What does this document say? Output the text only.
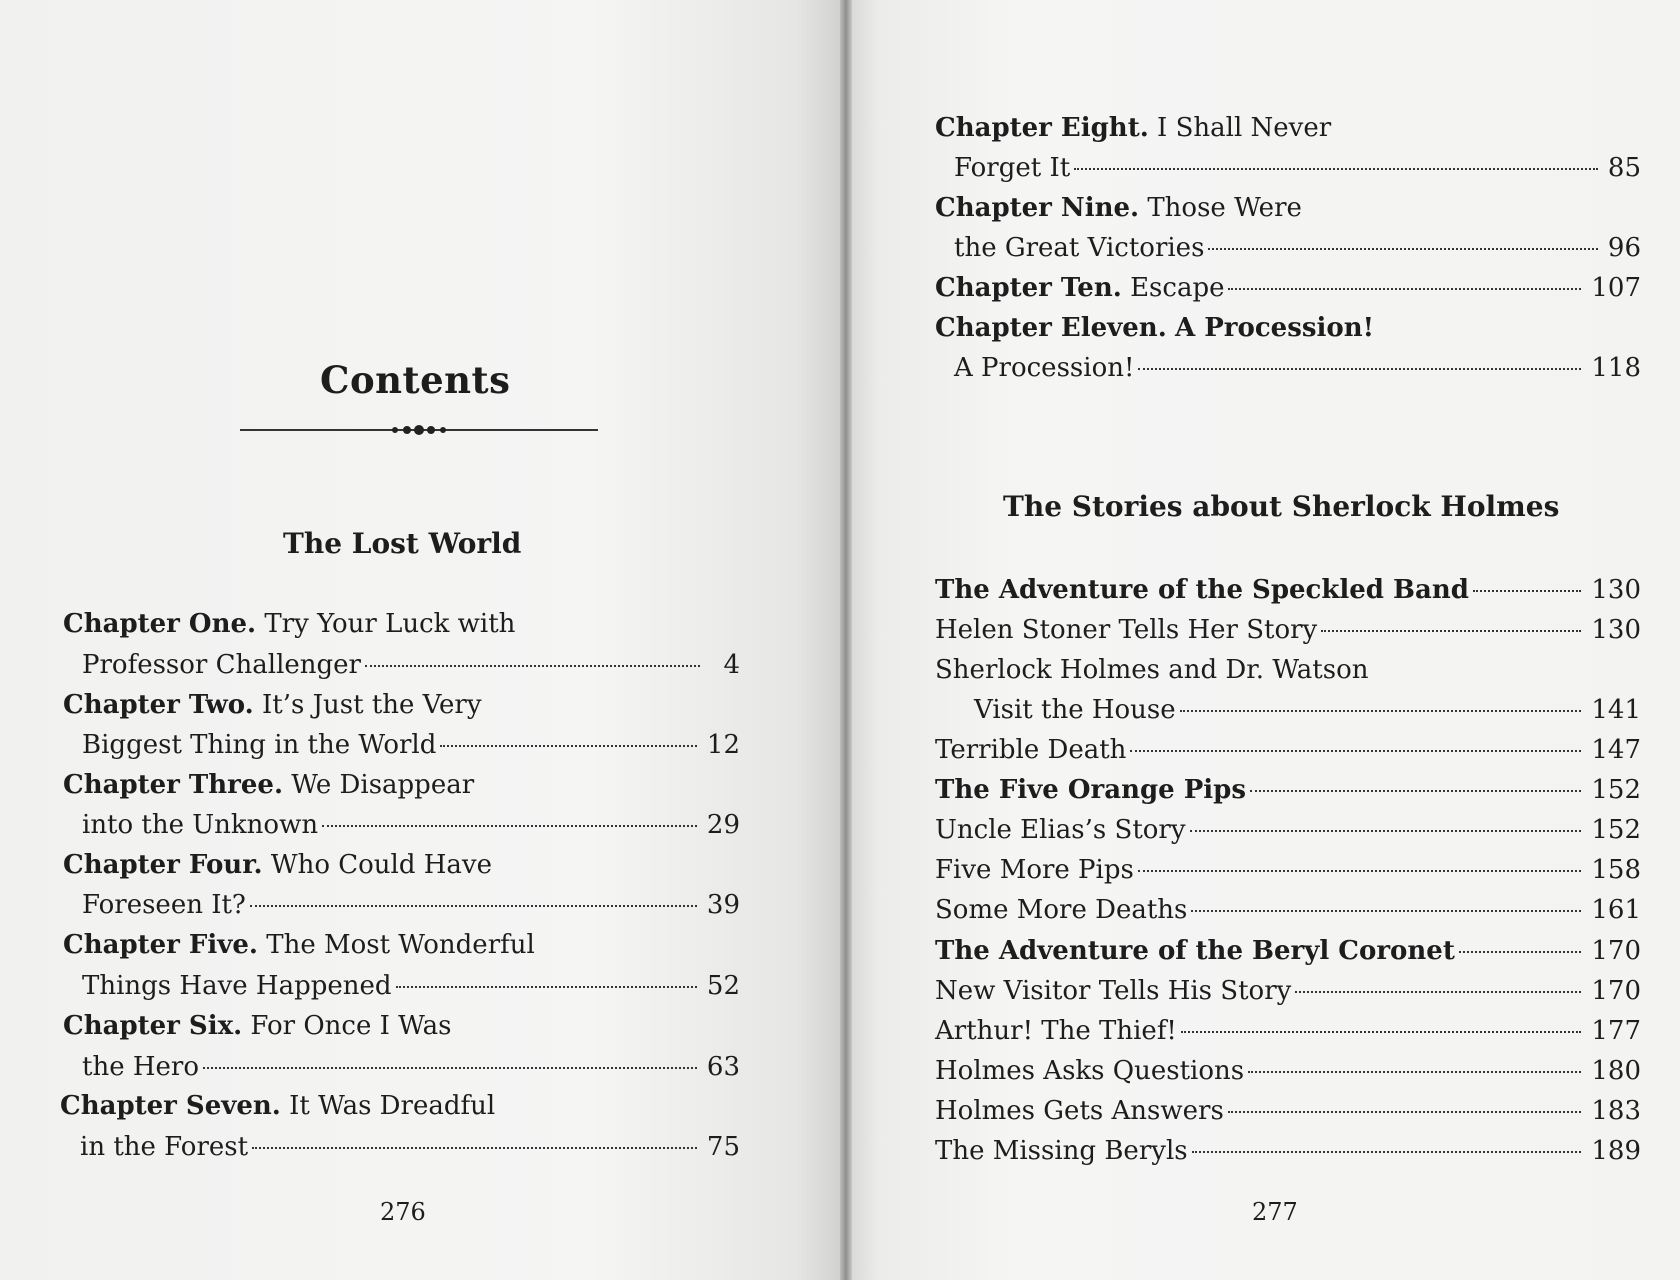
Contents
The Lost World
Chapter One.
Try Your Luck with
Professor Challenger	4
Chapter Two.
It’s Just the Very
Biggest Thing in the World	12
Chapter Three.
We Disappear
into the Unknown	29
Chapter Four.
Who Could Have
Foreseen It?	39
Chapter Five.
The Most Wonderful
Things Have Happened	52
Chapter Six.
For Once I Was
the Hero	63
Chapter Seven.
It Was Dreadful
in the Forest	75
276
Chapter Eight.
I Shall Never
Forget It	85
Chapter Nine.
Those Were
the Great Victories	96
Chapter Ten.
Escape	107
Chapter Eleven.
A Procession!
A Procession!	118
The Stories about Sherlock Holmes
The Adventure of the Speckled Band	130
Helen Stoner Tells Her Story	130
Sherlock Holmes and Dr. Watson
Visit the House	141
Terrible Death	147
The Five Orange Pips	152
Uncle Elias’s Story	152
Five More Pips	158
Some More Deaths	161
The Adventure of the Beryl Coronet	170
New Visitor Tells His Story	170
Arthur! The Thief!	177
Holmes Asks Questions	180
Holmes Gets Answers	183
The Missing Beryls	189
277
